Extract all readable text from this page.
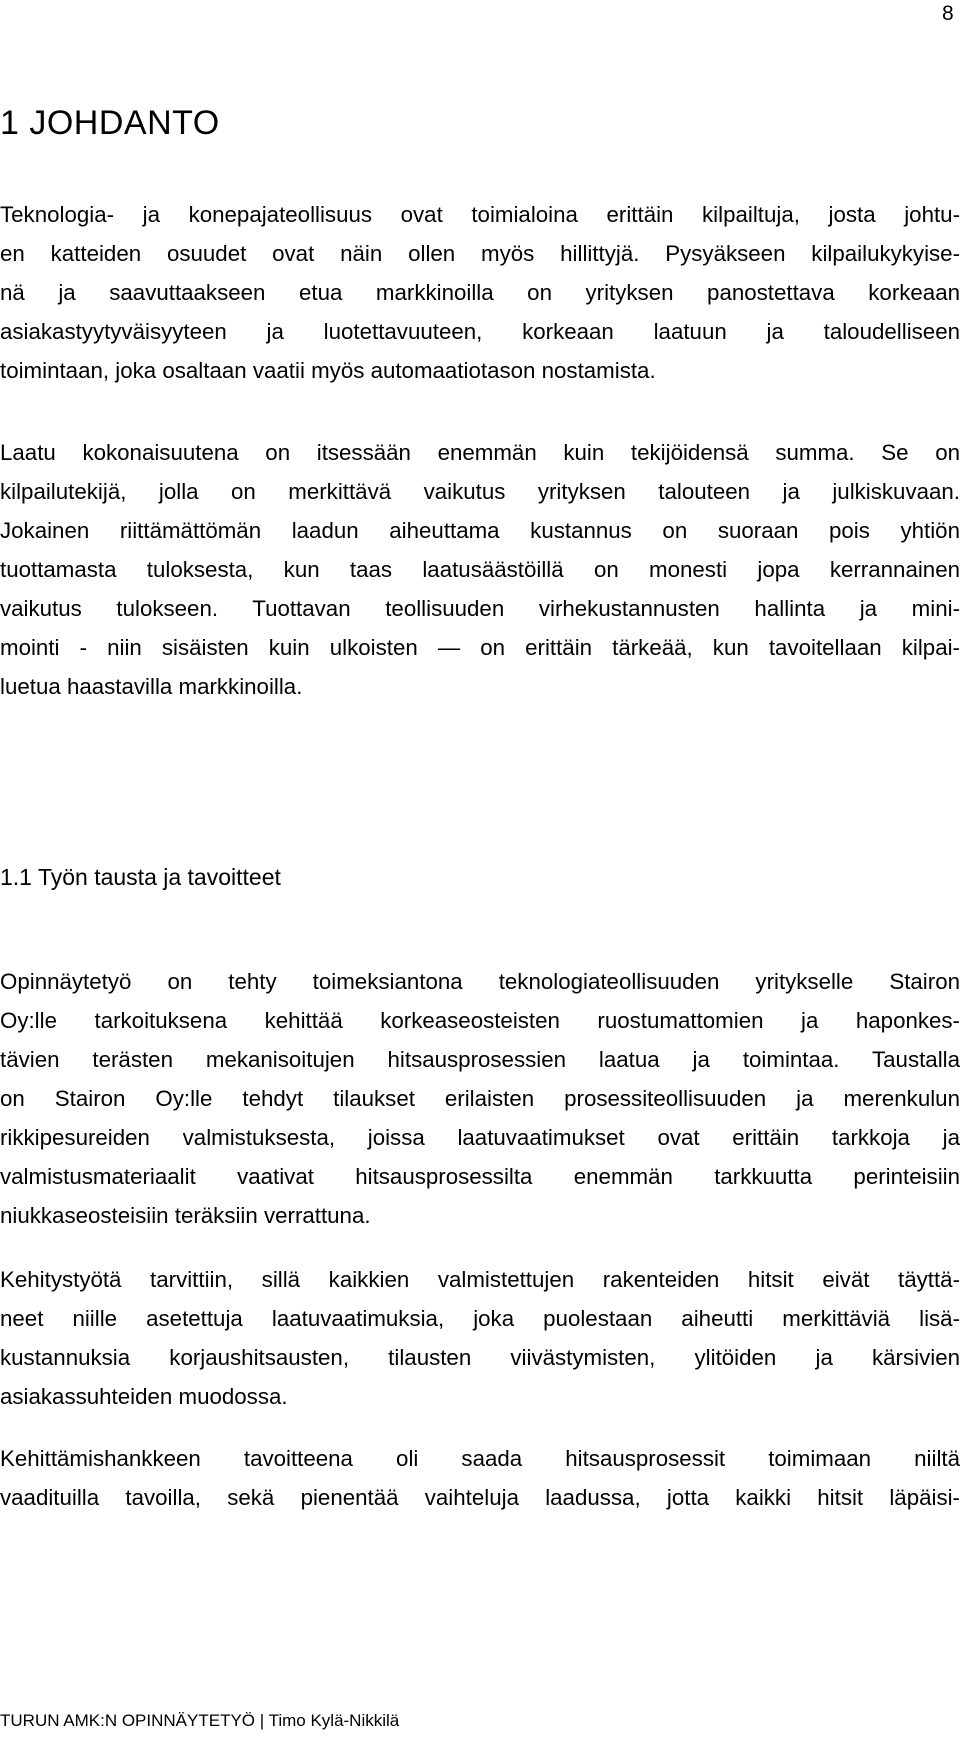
8
1 JOHDANTO
Teknologia- ja konepajateollisuus ovat toimialoina erittäin kilpailtuja, josta johtu-
en katteiden osuudet ovat näin ollen myös hillittyjä. Pysyäkseen kilpailukykyise-
nä ja saavuttaakseen etua markkinoilla on yrityksen panostettava korkeaan
asiakastyytyväisyyteen ja luotettavuuteen, korkeaan laatuun ja taloudelliseen
toimintaan, joka osaltaan vaatii myös automaatiotason nostamista.
Laatu kokonaisuutena on itsessään enemmän kuin tekijöidensä summa. Se on
kilpailutekijä, jolla on merkittävä vaikutus yrityksen talouteen ja julkiskuvaan.
Jokainen riittämättömän laadun aiheuttama kustannus on suoraan pois yhtiön
tuottamasta tuloksesta, kun taas laatusäästöillä on monesti jopa kerrannainen
vaikutus tulokseen. Tuottavan teollisuuden virhekustannusten hallinta ja mini-
mointi - niin sisäisten kuin ulkoisten — on erittäin tärkeää, kun tavoitellaan kilpai-
luetua haastavilla markkinoilla.
1.1 Työn tausta ja tavoitteet
Opinnäytetyö on tehty toimeksiantona teknologiateollisuuden yritykselle Stairon
Oy:lle tarkoituksena kehittää korkeaseosteisten ruostumattomien ja haponkes-
tävien terästen mekanisoitujen hitsausprosessien laatua ja toimintaa. Taustalla
on Stairon Oy:lle tehdyt tilaukset erilaisten prosessiteollisuuden ja merenkulun
rikkipesureiden valmistuksesta, joissa laatuvaatimukset ovat erittäin tarkkoja ja
valmistusmateriaalit vaativat hitsausprosessilta enemmän tarkkuutta perinteisiin
niukkaseosteisiin teräksiin verrattuna.
Kehitystyötä tarvittiin, sillä kaikkien valmistettujen rakenteiden hitsit eivät täyttä-
neet niille asetettuja laatuvaatimuksia, joka puolestaan aiheutti merkittäviä lisä-
kustannuksia korjaushitsausten, tilausten viivästymisten, ylitöiden ja kärsivien
asiakassuhteiden muodossa.
Kehittämishankkeen tavoitteena oli saada hitsausprosessit toimimaan niiltä
vaadituilla tavoilla, sekä pienentää vaihteluja laadussa, jotta kaikki hitsit läpäisi-
TURUN AMK:N OPINNÄYTETYÖ | Timo Kylä-Nikkilä
